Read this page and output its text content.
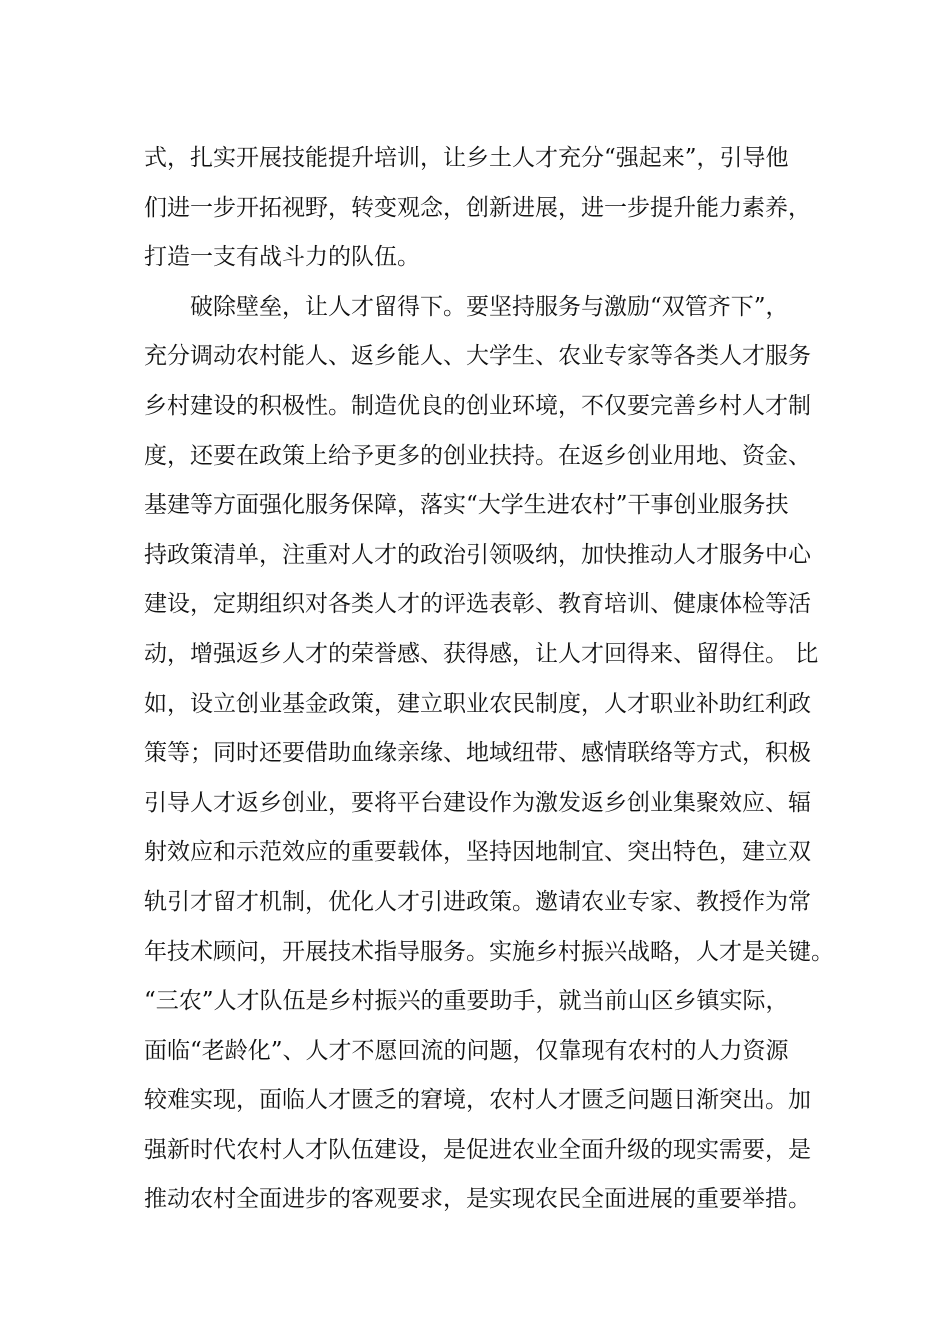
式，扎实开展技能提升培训，让乡土人才充分“强起来”，引导他
们进一步开拓视野，转变观念，创新进展，进一步提升能力素养，
打造一支有战斗力的队伍。
破除壁垒，让人才留得下。要坚持服务与激励“双管齐下”，
充分调动农村能人、返乡能人、大学生、农业专家等各类人才服务
乡村建设的积极性。制造优良的创业环境，不仅要完善乡村人才制
度，还要在政策上给予更多的创业扶持。在返乡创业用地、资金、
基建等方面强化服务保障，落实“大学生进农村”干事创业服务扶
持政策清单，注重对人才的政治引领吸纳，加快推动人才服务中心
建设，定期组织对各类人才的评选表彰、教育培训、健康体检等活
动，增强返乡人才的荣誉感、获得感，让人才回得来、留得住。 比
如，设立创业基金政策，建立职业农民制度，人才职业补助红利政
策等；同时还要借助血缘亲缘、地域纽带、感情联络等方式，积极
引导人才返乡创业，要将平台建设作为激发返乡创业集聚效应、辐
射效应和示范效应的重要载体，坚持因地制宜、突出特色，建立双
轨引才留才机制，优化人才引进政策。邀请农业专家、教授作为常
年技术顾问，开展技术指导服务。实施乡村振兴战略，人才是关键。
“三农”人才队伍是乡村振兴的重要助手，就当前山区乡镇实际，
面临“老龄化”、人才不愿回流的问题，仅靠现有农村的人力资源
较难实现，面临人才匮乏的窘境，农村人才匮乏问题日渐突出。加
强新时代农村人才队伍建设，是促进农业全面升级的现实需要，是
推动农村全面进步的客观要求，是实现农民全面进展的重要举措。
